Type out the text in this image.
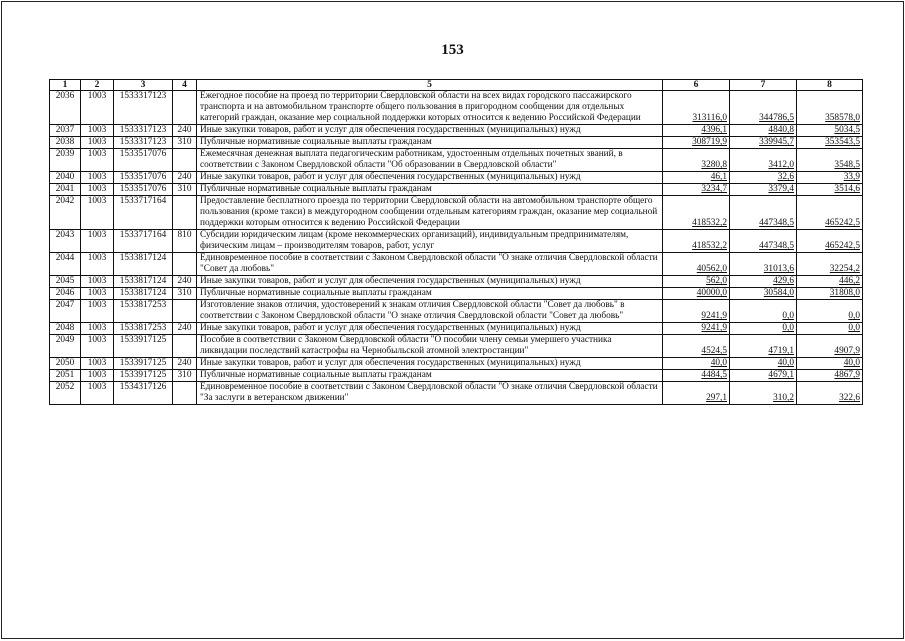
153
1	2	3	4	5	6	7	8
2036	1003	1533317123		Ежегодное пособие на проезд по территории Свердловской области на всех видах городского пассажирского транспорта и на автомобильном транспорте общего пользования в пригородном сообщении для отдельных категорий граждан, оказание мер социальной поддержки которых относится к ведению Российской Федерации	313116,0	344786,5	358578,0
2037	1003	1533317123	240	Иные закупки товаров, работ и услуг для обеспечения государственных (муниципальных) нужд	4396,1	4840,8	5034,5
2038	1003	1533317123	310	Публичные нормативные социальные выплаты гражданам	308719,9	339945,7	353543,5
2039	1003	1533517076		Ежемесячная денежная выплата педагогическим работникам, удостоенным отдельных почетных званий, в соответствии с Законом Свердловской области "Об образовании в Свердловской области"	3280,8	3412,0	3548,5
2040	1003	1533517076	240	Иные закупки товаров, работ и услуг для обеспечения государственных (муниципальных) нужд	46,1	32,6	33,9
2041	1003	1533517076	310	Публичные нормативные социальные выплаты гражданам	3234,7	3379,4	3514,6
2042	1003	1533717164		Предоставление бесплатного проезда по территории Свердловской области на автомобильном транспорте общего пользования (кроме такси) в междугородном сообщении отдельным категориям граждан, оказание мер социальной поддержки которым относится к ведению Российской Федерации	418532,2	447348,5	465242,5
2043	1003	1533717164	810	Субсидии юридическим лицам (кроме некоммерческих организаций), индивидуальным предпринимателям, физическим лицам – производителям товаров, работ, услуг	418532,2	447348,5	465242,5
2044	1003	1533817124		Единовременное пособие в соответствии с Законом Свердловской области "О знаке отличия Свердловской области "Совет да любовь"	40562,0	31013,6	32254,2
2045	1003	1533817124	240	Иные закупки товаров, работ и услуг для обеспечения государственных (муниципальных) нужд	562,0	429,6	446,2
2046	1003	1533817124	310	Публичные нормативные социальные выплаты гражданам	40000,0	30584,0	31808,0
2047	1003	1533817253		Изготовление знаков отличия, удостоверений к знакам отличия Свердловской области "Совет да любовь" в соответствии с Законом Свердловской области "О знаке отличия Свердловской области "Совет да любовь"	9241,9	0,0	0,0
2048	1003	1533817253	240	Иные закупки товаров, работ и услуг для обеспечения государственных (муниципальных) нужд	9241,9	0,0	0,0
2049	1003	1533917125		Пособие в соответствии с Законом Свердловской области "О пособии члену семьи умершего участника ликвидации последствий катастрофы на Чернобыльской атомной электростанции"	4524,5	4719,1	4907,9
2050	1003	1533917125	240	Иные закупки товаров, работ и услуг для обеспечения государственных (муниципальных) нужд	40,0	40,0	40,0
2051	1003	1533917125	310	Публичные нормативные социальные выплаты гражданам	4484,5	4679,1	4867,9
2052	1003	1534317126		Единовременное пособие в соответствии с Законом Свердловской области "О знаке отличия Свердловской области "За заслуги в ветеранском движении"	297,1	310,2	322,6
